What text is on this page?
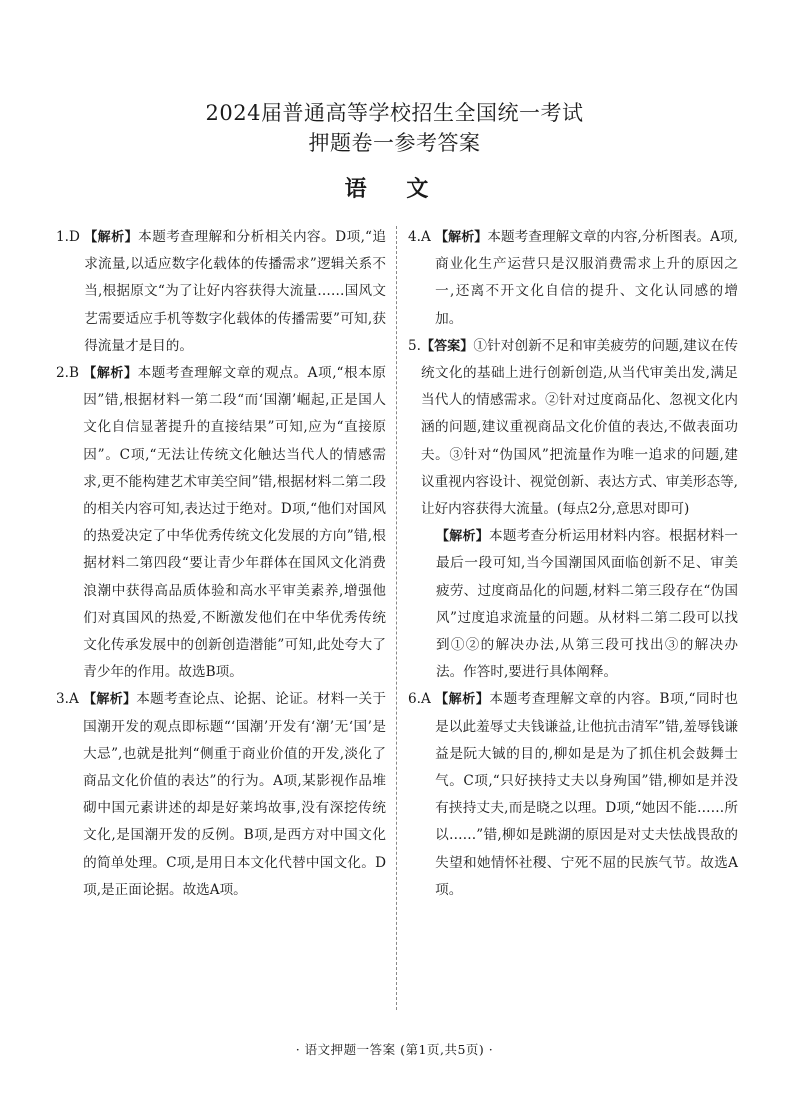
2024届普通高等学校招生全国统一考试
押题卷一参考答案
语 文
1.D 【解析】本题考查理解和分析相关内容。D项,“追求流量,以适应数字化载体的传播需求”逻辑关系不当,根据原文“为了让好内容获得大流量……国风文艺需要适应手机等数字化载体的传播需要”可知,获得流量才是目的。
2.B 【解析】本题考查理解文章的观点。A项,“根本原因”错,根据材料一第二段“而‘国潮’崛起,正是国人文化自信显著提升的直接结果”可知,应为“直接原因”。C项,“无法让传统文化触达当代人的情感需求,更不能构建艺术审美空间”错,根据材料二第二段的相关内容可知,表达过于绝对。D项,“他们对国风的热爱决定了中华优秀传统文化发展的方向”错,根据材料二第四段“要让青少年群体在国风文化消费浪潮中获得高品质体验和高水平审美素养,增强他们对真国风的热爱,不断激发他们在中华优秀传统文化传承发展中的创新创造潜能”可知,此处夸大了青少年的作用。故选B项。
3.A 【解析】本题考查论点、论据、论证。材料一关于国潮开发的观点即标题“‘国潮’开发有‘潮’无‘国’是大忌”,也就是批判“侧重于商业价值的开发,淡化了商品文化价值的表达”的行为。A项,某影视作品堆砌中国元素讲述的却是好莱坞故事,没有深挖传统文化,是国潮开发的反例。B项,是西方对中国文化的简单处理。C项,是用日本文化代替中国文化。D项,是正面论据。故选A项。
4.A 【解析】本题考查理解文章的内容,分析图表。A项,商业化生产运营只是汉服消费需求上升的原因之一,还离不开文化自信的提升、文化认同感的增加。
5. 【答案】①针对创新不足和审美疲劳的问题,建议在传统文化的基础上进行创新创造,从当代审美出发,满足当代人的情感需求。②针对过度商品化、忽视文化内涵的问题,建议重视商品文化价值的表达,不做表面功夫。③针对“伪国风”把流量作为唯一追求的问题,建议重视内容设计、视觉创新、表达方式、审美形态等,让好内容获得大流量。(每点2分,意思对即可)
【解析】本题考查分析运用材料内容。根据材料一最后一段可知,当今国潮国风面临创新不足、审美疲劳、过度商品化的问题,材料二第三段存在“伪国风”过度追求流量的问题。从材料二第二段可以找到①②的解决办法,从第三段可找出③的解决办法。作答时,要进行具体阐释。
6.A 【解析】本题考查理解文章的内容。B项,“同时也是以此羞辱丈夫钱谦益,让他抗击清军”错,羞辱钱谦益是阮大铖的目的,柳如是是为了抓住机会鼓舞士气。C项,“只好挟持丈夫以身殉国”错,柳如是并没有挟持丈夫,而是晓之以理。D项,“她因不能……所以……”错,柳如是跳湖的原因是对丈夫怯战畏敌的失望和她情怀社稷、宁死不屈的民族气节。故选A项。
· 语文押题一答案 (第1页,共5页) ·
